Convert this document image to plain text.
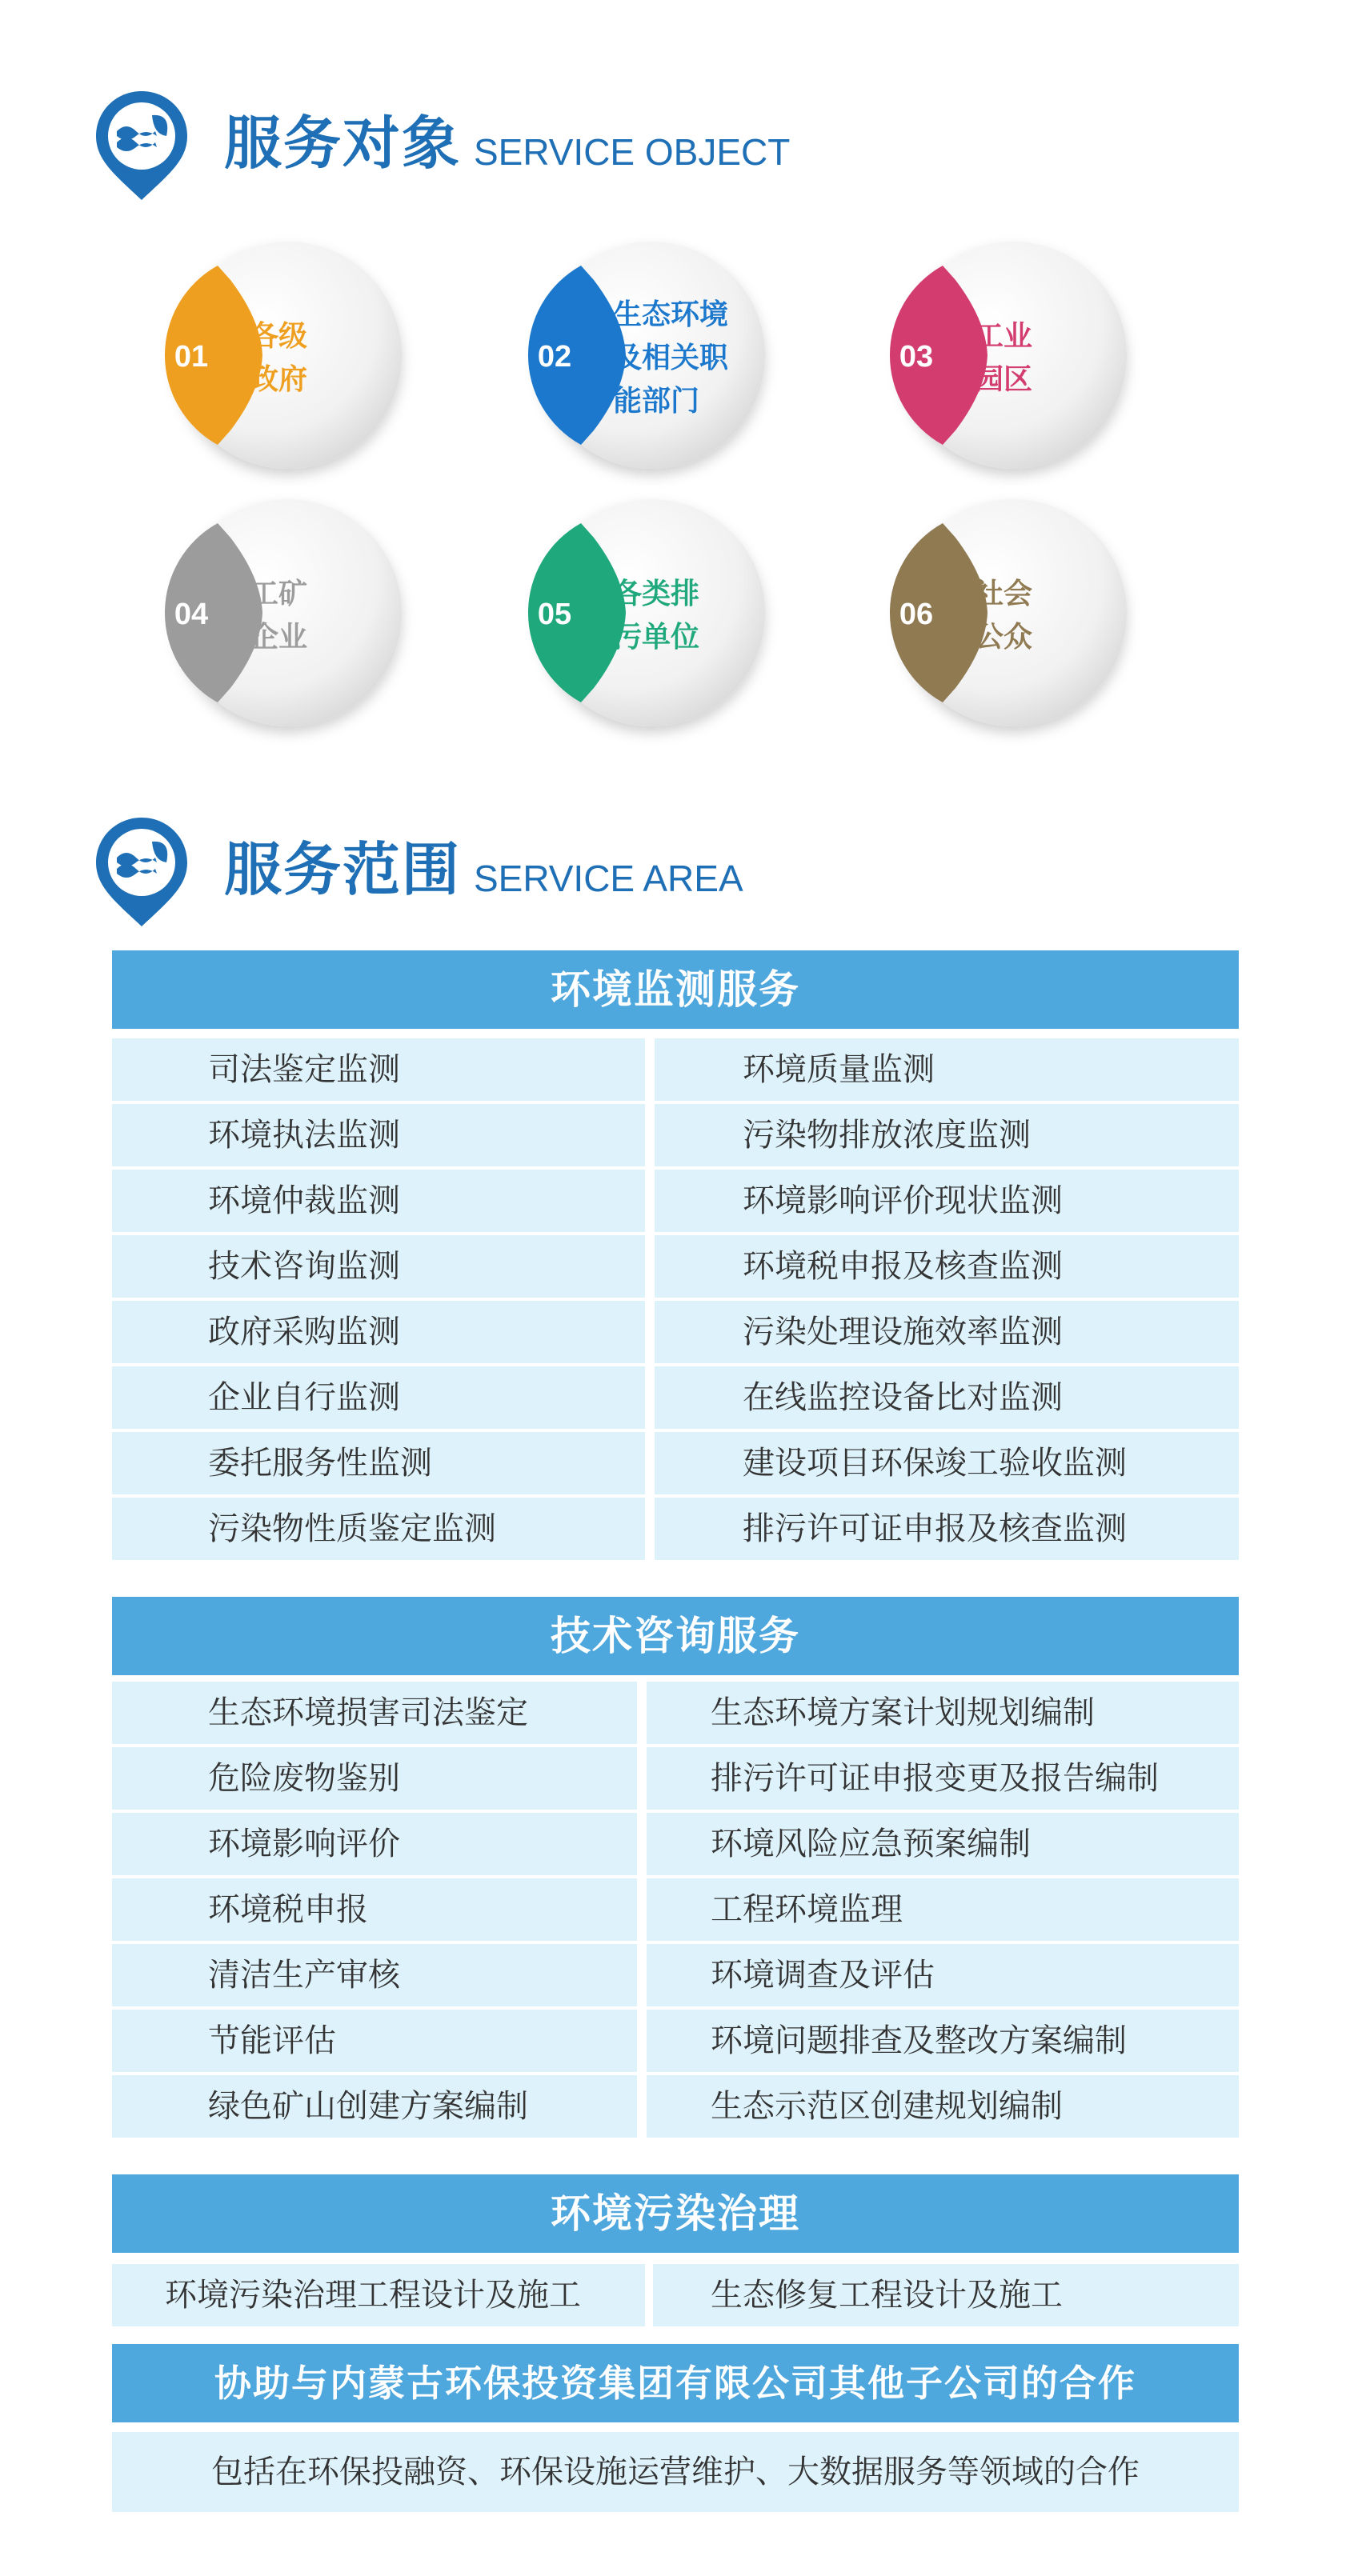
服务对象 SERVICE OBJECT
01
各级
政府
02
生态环境
及相关职
能部门
03
工业
园区
04
工矿
企业
05
各类排
污单位
06
社会
公众
服务范围 SERVICE AREA
环境监测服务
司法鉴定监测
环境执法监测
环境仲裁监测
技术咨询监测
政府采购监测
企业自行监测
委托服务性监测
污染物性质鉴定监测
环境质量监测
污染物排放浓度监测
环境影响评价现状监测
环境税申报及核查监测
污染处理设施效率监测
在线监控设备比对监测
建设项目环保竣工验收监测
排污许可证申报及核查监测
技术咨询服务
生态环境损害司法鉴定
危险废物鉴别
环境影响评价
环境税申报
清洁生产审核
节能评估
绿色矿山创建方案编制
生态环境方案计划规划编制
排污许可证申报变更及报告编制
环境风险应急预案编制
工程环境监理
环境调查及评估
环境问题排查及整改方案编制
生态示范区创建规划编制
环境污染治理
环境污染治理工程设计及施工	生态修复工程设计及施工
协助与内蒙古环保投资集团有限公司其他子公司的合作
包括在环保投融资、环保设施运营维护、大数据服务等领域的合作
